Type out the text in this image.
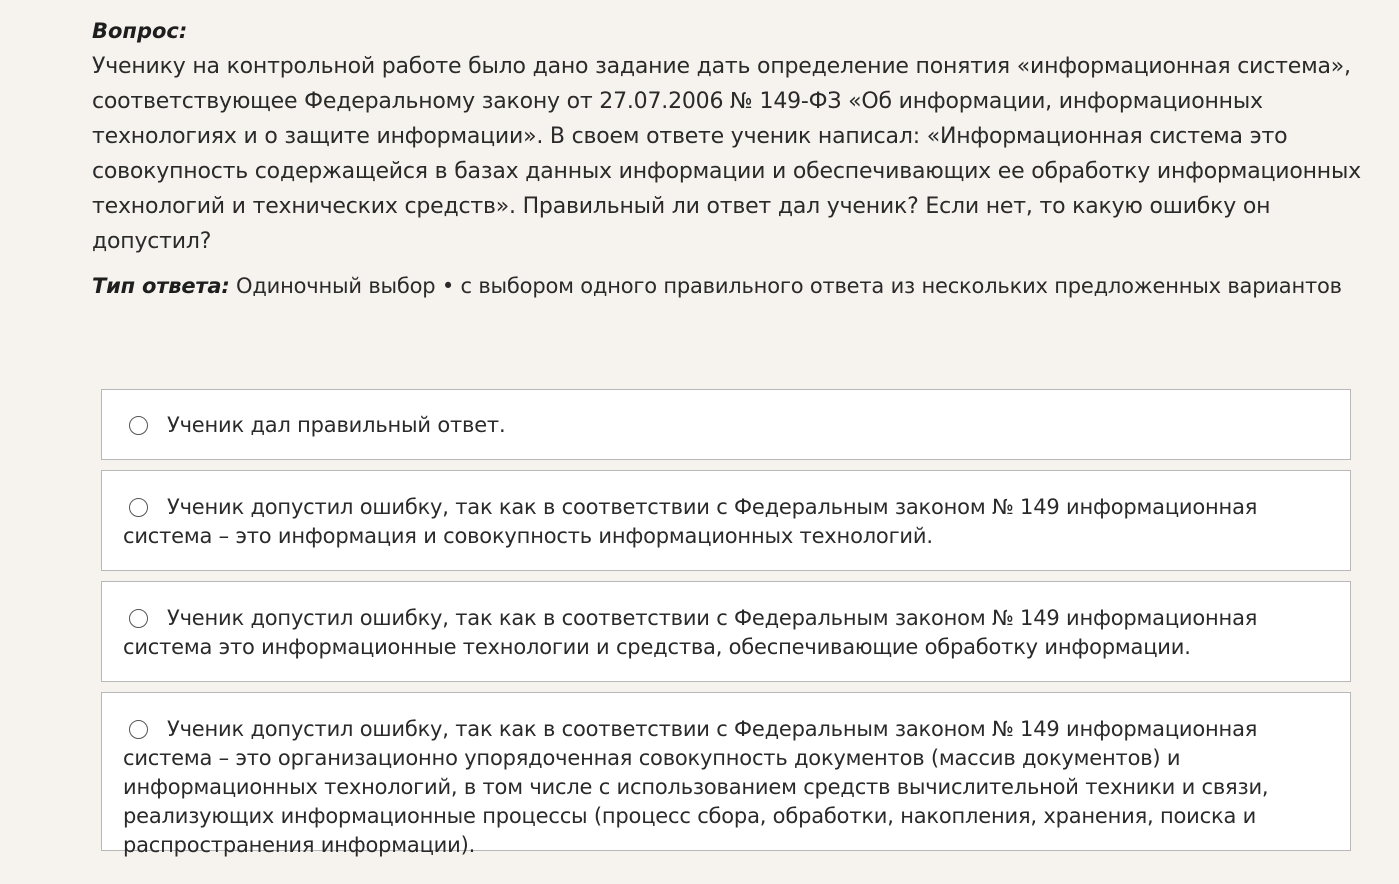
Вопрос:

Ученику на контрольной работе было дано задание дать определение понятия «информационная система», соответствующее Федеральному закону от 27.07.2006 № 149-ФЗ «Об информации, информационных технологиях и о защите информации». В своем ответе ученик написал: «Информационная система это совокупность содержащейся в базах данных информации и обеспечивающих ее обработку информационных технологий и технических средств». Правильный ли ответ дал ученик? Если нет, то какую ошибку он допустил?

Тип ответа: Одиночный выбор • с выбором одного правильного ответа из нескольких предложенных вариантов

Ученик дал правильный ответ.
Ученик допустил ошибку, так как в соответствии с Федеральным законом № 149 информационная система – это информация и совокупность информационных технологий.
Ученик допустил ошибку, так как в соответствии с Федеральным законом № 149 информационная система это информационные технологии и средства, обеспечивающие обработку информации.
Ученик допустил ошибку, так как в соответствии с Федеральным законом № 149 информационная система – это организационно упорядоченная совокупность документов (массив документов) и информационных технологий, в том числе с использованием средств вычислительной техники и связи, реализующих информационные процессы (процесс сбора, обработки, накопления, хранения, поиска и распространения информации).
